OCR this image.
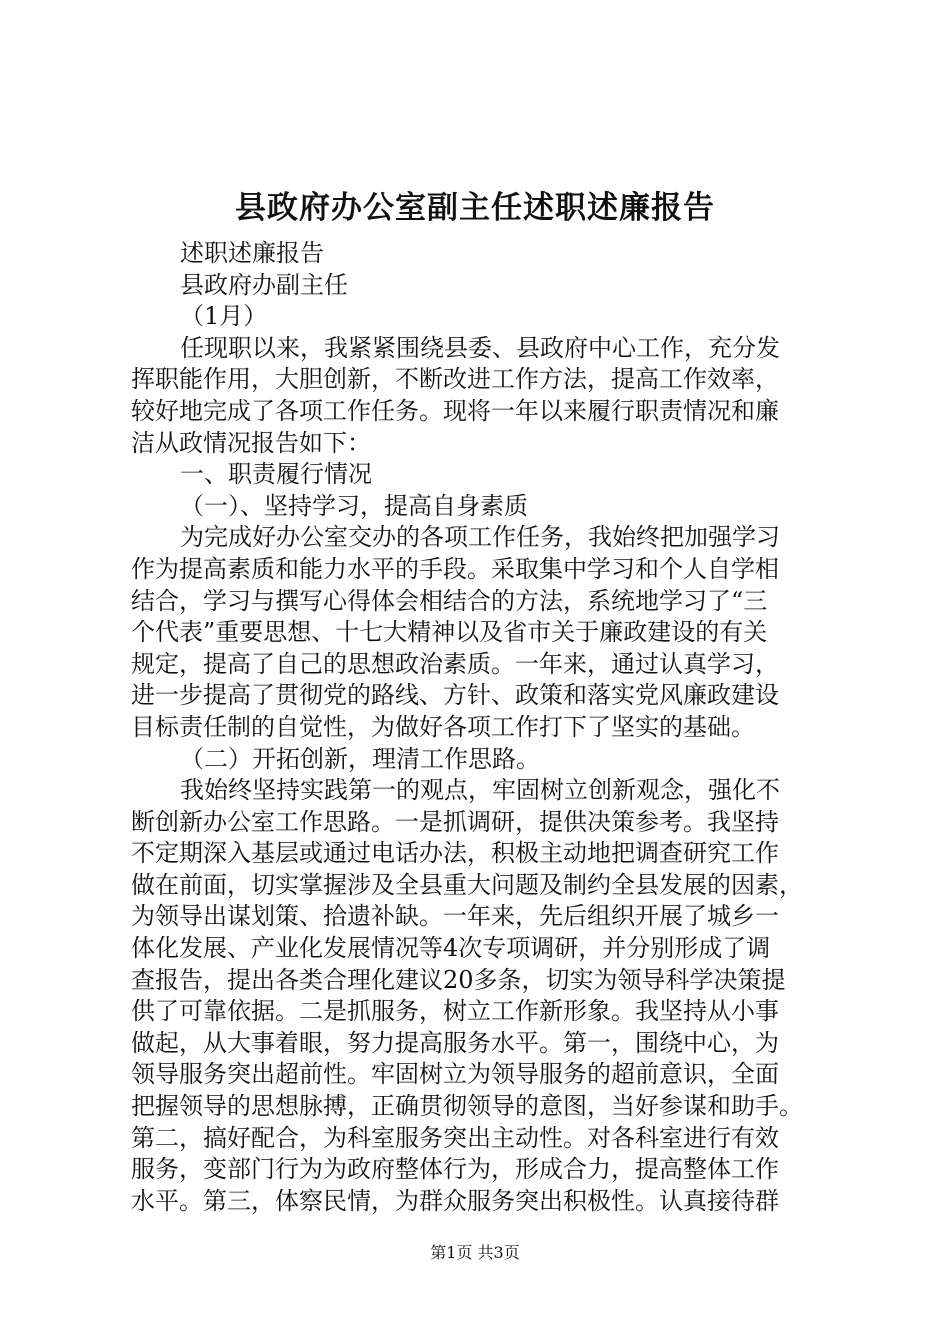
县政府办公室副主任述职述廉报告
述职述廉报告
县政府办副主任
（1月）
任现职以来，我紧紧围绕县委、县政府中心工作，充分发
挥职能作用，大胆创新，不断改进工作方法，提高工作效率，
较好地完成了各项工作任务。现将一年以来履行职责情况和廉
洁从政情况报告如下：
一、职责履行情况
（一）、坚持学习，提高自身素质
为完成好办公室交办的各项工作任务，我始终把加强学习
作为提高素质和能力水平的手段。采取集中学习和个人自学相
结合，学习与撰写心得体会相结合的方法，系统地学习了“三
个代表”重要思想、十七大精神以及省市关于廉政建设的有关
规定，提高了自己的思想政治素质。一年来，通过认真学习，
进一步提高了贯彻党的路线、方针、政策和落实党风廉政建设
目标责任制的自觉性，为做好各项工作打下了坚实的基础。
（二）开拓创新，理清工作思路。
我始终坚持实践第一的观点，牢固树立创新观念，强化不
断创新办公室工作思路。一是抓调研，提供决策参考。我坚持
不定期深入基层或通过电话办法，积极主动地把调查研究工作
做在前面，切实掌握涉及全县重大问题及制约全县发展的因素，
为领导出谋划策、拾遗补缺。一年来，先后组织开展了城乡一
体化发展、产业化发展情况等4次专项调研，并分别形成了调
查报告，提出各类合理化建议20多条，切实为领导科学决策提
供了可靠依据。二是抓服务，树立工作新形象。我坚持从小事
做起，从大事着眼，努力提高服务水平。第一，围绕中心，为
领导服务突出超前性。牢固树立为领导服务的超前意识，全面
把握领导的思想脉搏，正确贯彻领导的意图，当好参谋和助手。
第二，搞好配合，为科室服务突出主动性。对各科室进行有效
服务，变部门行为为政府整体行为，形成合力，提高整体工作
水平。第三，体察民情，为群众服务突出积极性。认真接待群
第1页 共3页
